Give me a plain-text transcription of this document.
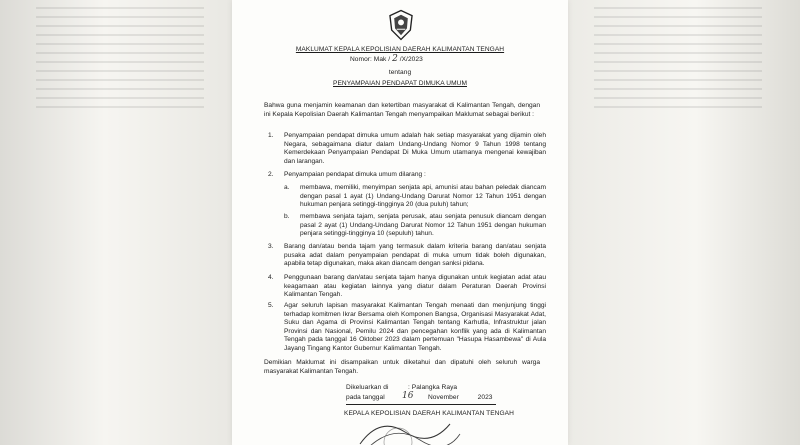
MAKLUMAT KEPALA KEPOLISIAN DAERAH KALIMANTAN TENGAH
Nomor: Mak / 2 /X/2023
tentang
PENYAMPAIAN PENDAPAT DIMUKA UMUM
Bahwa guna menjamin keamanan dan ketertiban masyarakat di Kalimantan Tengah, dengan ini Kepala Kepolisian Daerah Kalimantan Tengah menyampaikan Maklumat sebagai berikut :
1. Penyampaian pendapat dimuka umum adalah hak setiap masyarakat yang dijamin oleh Negara, sebagaimana diatur dalam Undang-Undang Nomor 9 Tahun 1998 tentang Kemerdekaan Penyampaian Pendapat Di Muka Umum utamanya mengenai kewajiban dan larangan.
2. Penyampaian pendapat dimuka umum dilarang :
a. membawa, memiliki, menyimpan senjata api, amunisi atau bahan peledak diancam dengan pasal 1 ayat (1) Undang-Undang Darurat Nomor 12 Tahun 1951 dengan hukuman penjara setinggi-tingginya 20 (dua puluh) tahun;
b. membawa senjata tajam, senjata perusak, atau senjata penusuk diancam dengan pasal 2 ayat (1) Undang-Undang Darurat Nomor 12 Tahun 1951 dengan hukuman penjara setinggi-tingginya 10 (sepuluh) tahun.
3. Barang dan/atau benda tajam yang termasuk dalam kriteria barang dan/atau senjata pusaka adat dalam penyampaian pendapat di muka umum tidak boleh digunakan, apabila tetap digunakan, maka akan diancam dengan sanksi pidana.
4. Penggunaan barang dan/atau senjata tajam hanya digunakan untuk kegiatan adat atau keagamaan atau kegiatan lainnya yang diatur dalam Peraturan Daerah Provinsi Kalimantan Tengah.
5. Agar seluruh lapisan masyarakat Kalimantan Tengah menaati dan menjunjung tinggi terhadap komitmen Ikrar Bersama oleh Komponen Bangsa, Organisasi Masyarakat Adat, Suku dan Agama di Provinsi Kalimantan Tengah tentang Karhutla, Infrastruktur jalan Provinsi dan Nasional, Pemilu 2024 dan pencegahan konflik yang ada di Kalimantan Tengah pada tanggal 16 Oktober 2023 dalam pertemuan "Hasupa Hasambewa" di Aula Jayang Tingang Kantor Gubernur Kalimantan Tengah.
Demikian Maklumat ini disampaikan untuk diketahui dan dipatuhi oleh seluruh warga masyarakat Kalimantan Tengah.
Dikeluarkan di	: Palangka Raya
pada tanggal 16 November          2023
KEPALA KEPOLISIAN DAERAH KALIMANTAN TENGAH
